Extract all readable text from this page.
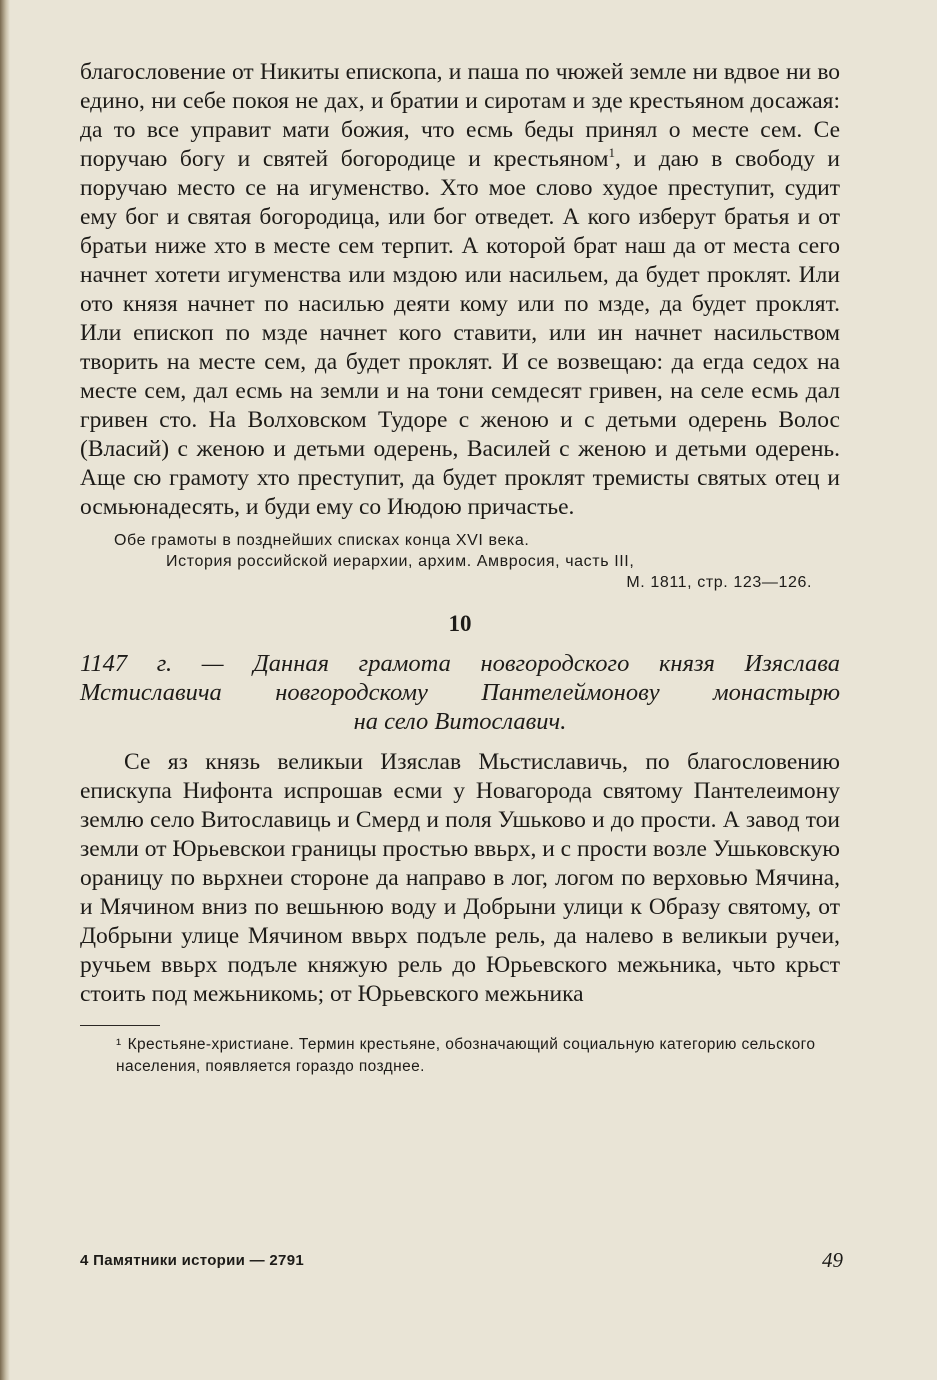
благословение от Никиты епископа, и паша по чюжей земле ни вдвое ни во едино, ни себе покоя не дах, и братии и сиротам и зде крестьяном досажая: да то все управит мати божия, что есмь беды принял о месте сем. Се поручаю богу и святей богородице и крестьяном$^1$, и даю в свободу и поручаю место се на игуменство. Хто мое слово худое преступит, судит ему бог и святая богородица, или бог отведет. А кого изберут братья и от братьи ниже хто в месте сем терпит. А которой брат наш да от места сего начнет хотети игуменства или мздою или насильем, да будет проклят. Или ото князя начнет по насилью деяти кому или по мзде, да будет проклят. Или епископ по мзде начнет кого ставити, или ин начнет насильством творить на месте сем, да будет проклят. И се возвещаю: да егда седох на месте сем, дал есмь на земли и на тони семдесят гривен, на селе есмь дал гривен сто. На Волховском Тудоре с женою и с детьми одерень Волос (Власий) с женою и детьми одерень, Василей с женою и детьми одерень. Аще сю грамоту хто преступит, да будет проклят тремисты святых отец и осмьюнадесять, и буди ему со Июдою причастье.

Обе грамоты в позднейших списках конца XVI века.
История российской иерархии, архим. Амвросия, часть III,
М. 1811, стр. 123—126.
10
1147 г. — Данная грамота новгородского князя Изяслава
Мстиславича новгородскому Пантелеймонову монастырю
на село Витославич.

Се яз князь великыи Изяслав Мьстиславичь, по благословению епискупа Нифонта испрошав есми у Новагорода святому Пантелеимону землю село Витославиць и Смерд и поля Ушьково и до прости. А завод тои земли от Юрьевскои границы простью ввьрх, и с прости возле Ушьковскую ораницу по вьрхнеи стороне да направо в лог, логом по верховью Мячина, и Мячином вниз по вешьнюю воду и Добрыни улици к Образу святому, от Добрыни улице Мячином ввьрх подъле рель, да налево в великыи ручеи, ручьем ввьрх подъле княжую рель до Юрьевского межьника, чьто крьст стоить под межьникомь; от Юрьевского межьника

¹ Крестьяне-христиане. Термин крестьяне, обозначающий социальную категорию сельского населения, появляется гораздо позднее.
4 Памятники истории — 2791	49
